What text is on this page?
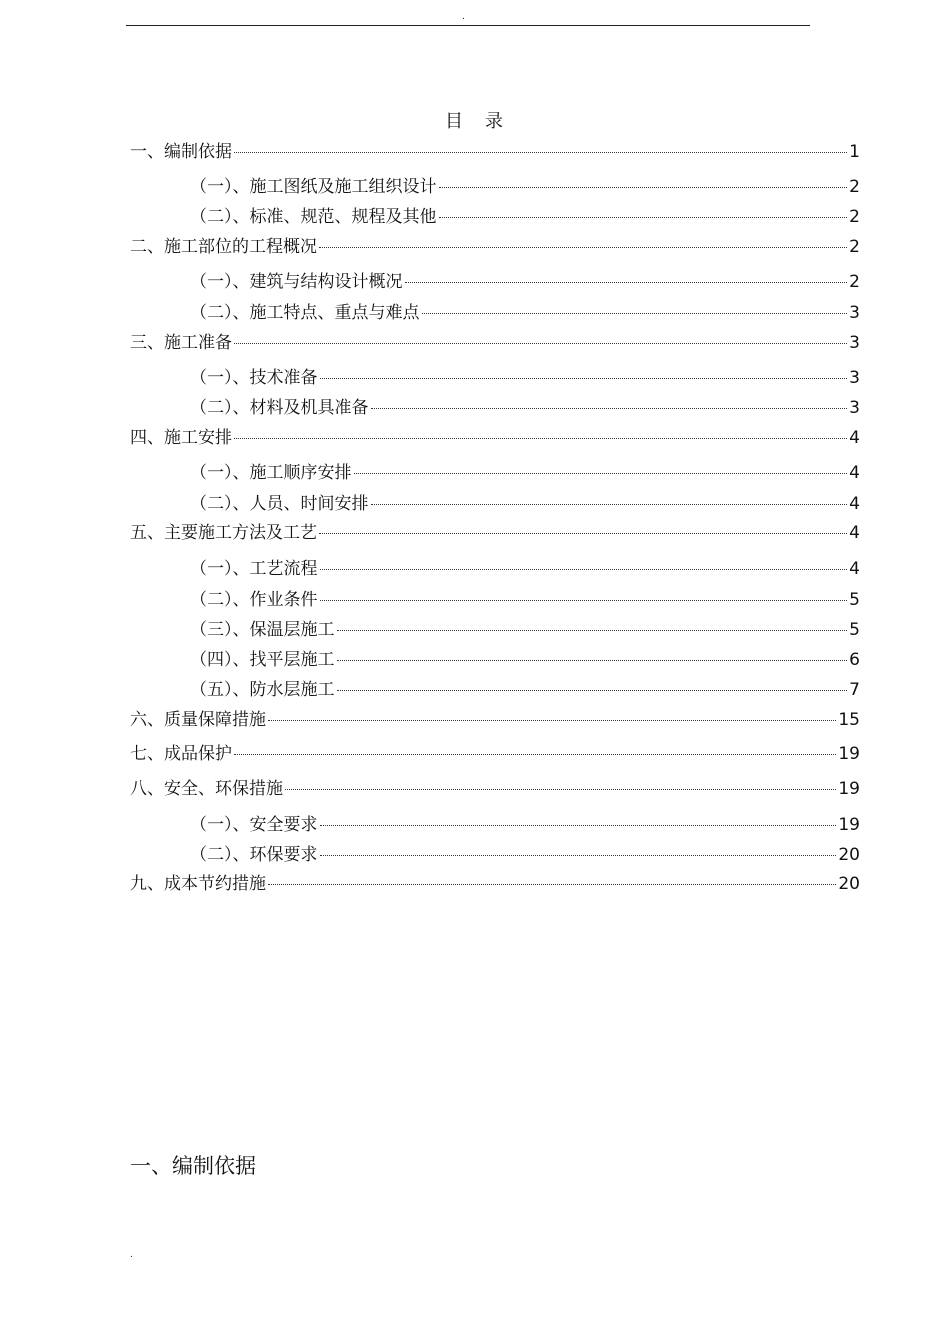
.
目　录
一、编制依据	1
（一）、施工图纸及施工组织设计	2
（二）、标准、规范、规程及其他	2
二、施工部位的工程概况	2
（一）、建筑与结构设计概况	2
（二）、施工特点、重点与难点	3
三、施工准备	3
（一）、技术准备	3
（二）、材料及机具准备	3
四、施工安排	4
（一）、施工顺序安排	4
（二）、人员、时间安排	4
五、主要施工方法及工艺	4
（一）、工艺流程	4
（二）、作业条件	5
（三）、保温层施工	5
（四）、找平层施工	6
（五）、防水层施工	7
六、质量保障措施	15
七、成品保护	19
八、安全、环保措施	19
（一）、安全要求	19
（二）、环保要求	20
九、成本节约措施	20
一、编制依据
.
